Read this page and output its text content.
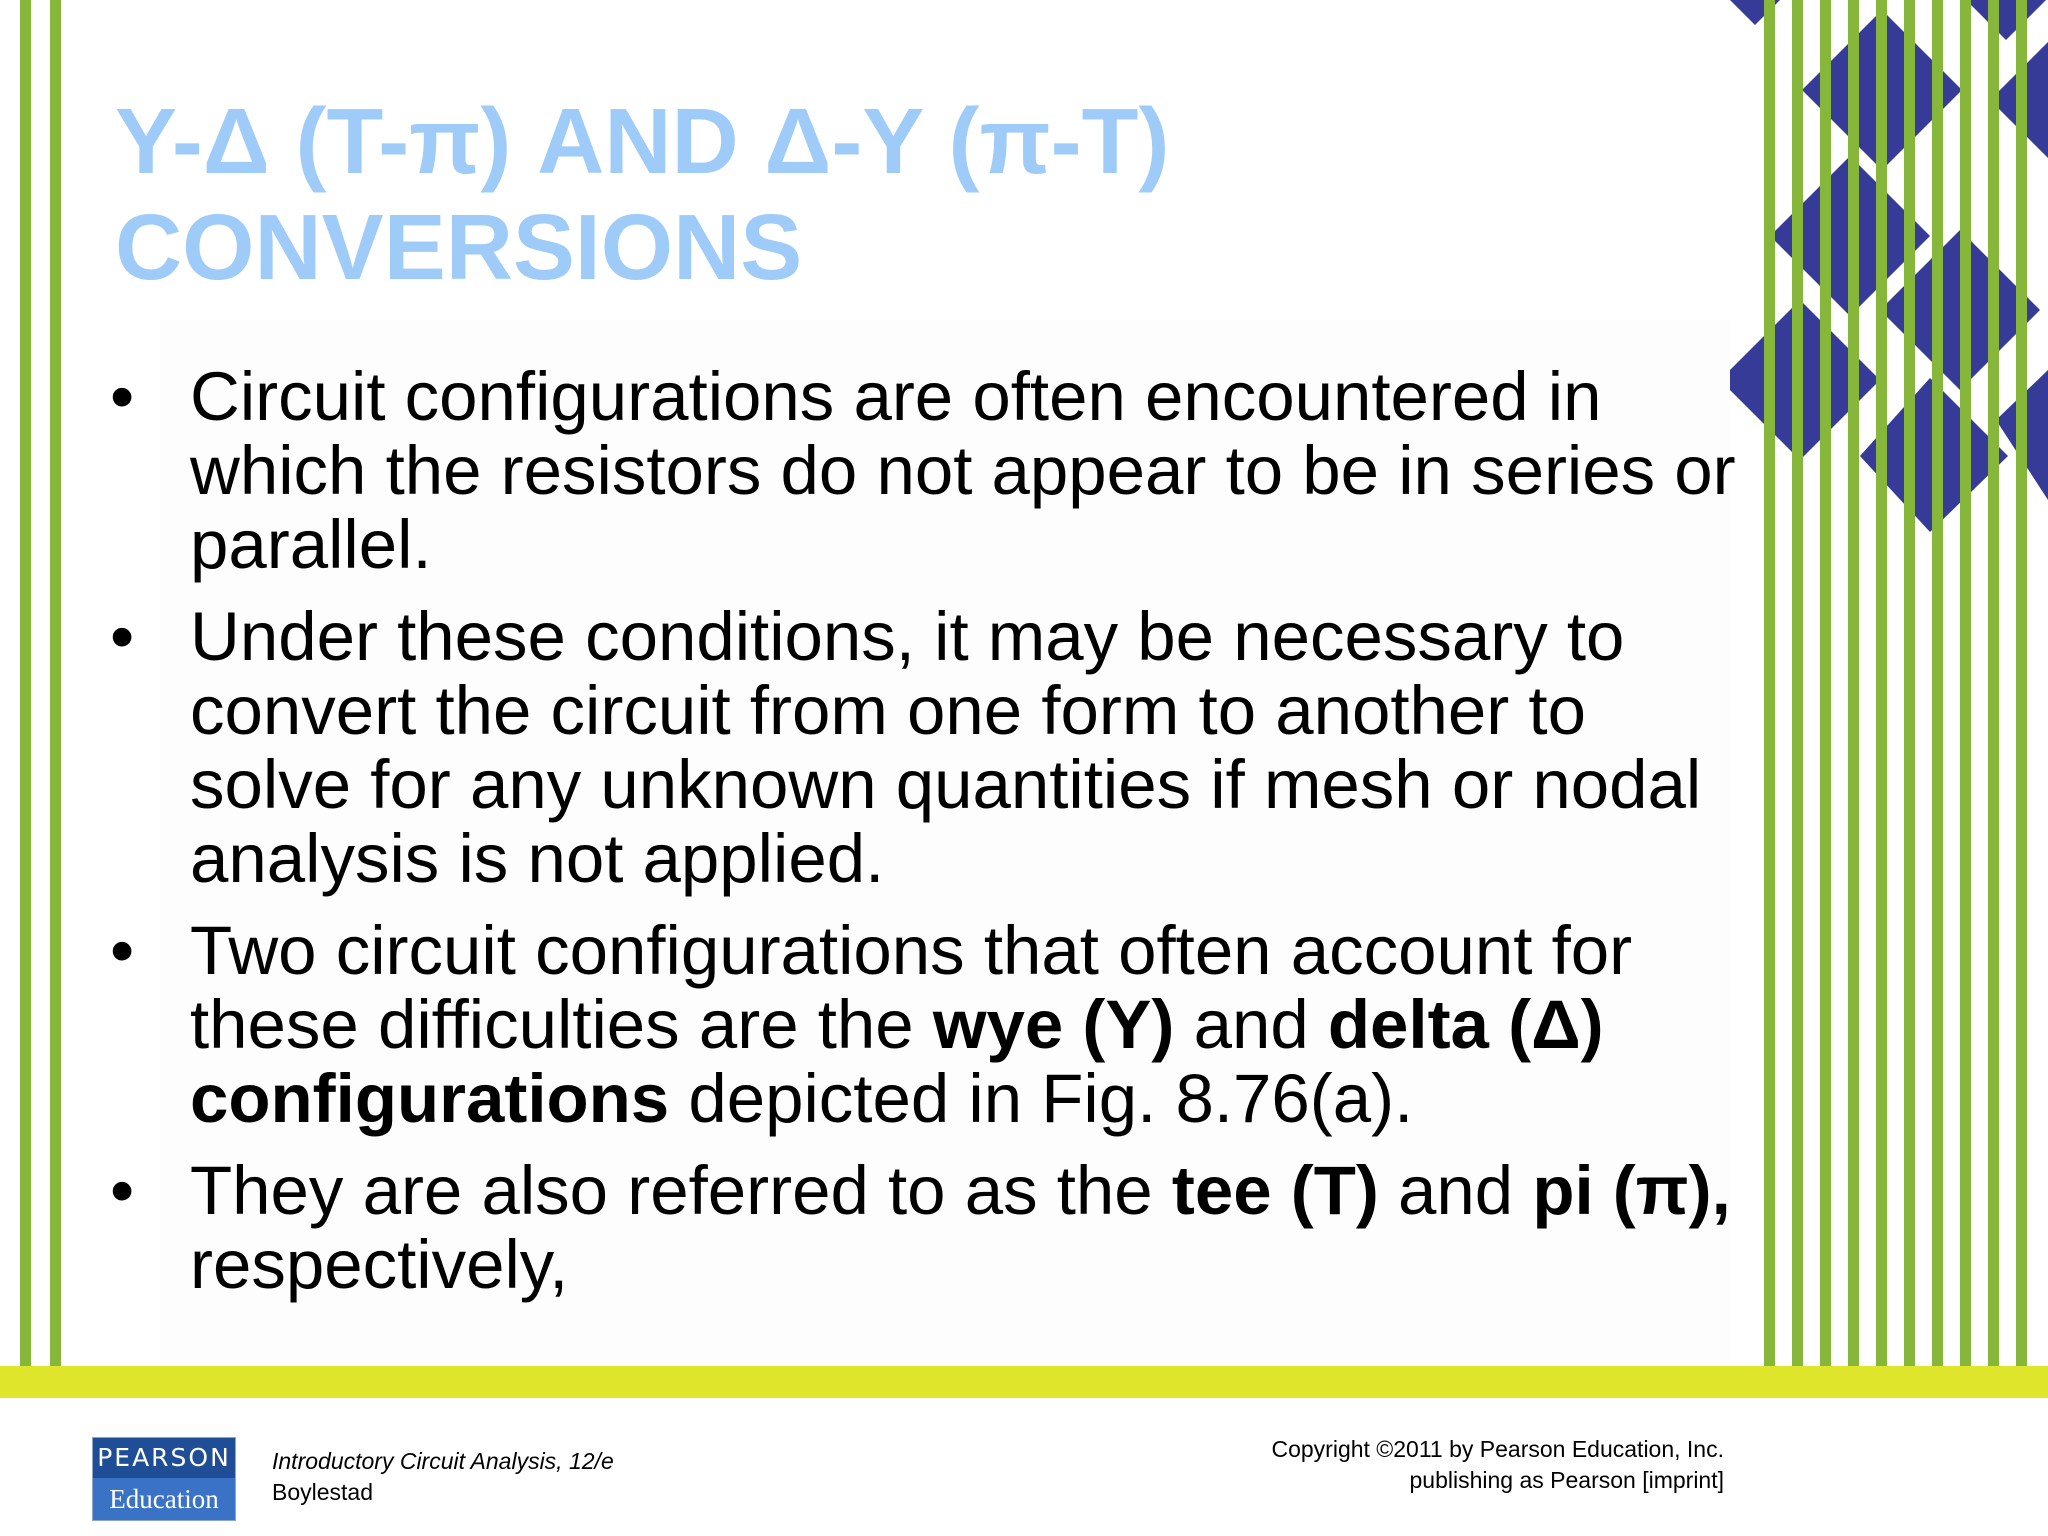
Y-Δ (T-π) AND Δ-Y (π-T)
CONVERSIONS
• Circuit configurations are often encountered in which the resistors do not appear to be in series or parallel.
• Under these conditions, it may be necessary to convert the circuit from one form to another to solve for any unknown quantities if mesh or nodal analysis is not applied.
• Two circuit configurations that often account for these difficulties are the wye (Y) and delta (Δ) configurations depicted in Fig. 8.76(a).
• They are also referred to as the tee (T) and pi (π), respectively,
PEARSON
Education
Introductory Circuit Analysis, 12/e
Boylestad
Copyright ©2011 by Pearson Education, Inc.
publishing as Pearson [imprint]
